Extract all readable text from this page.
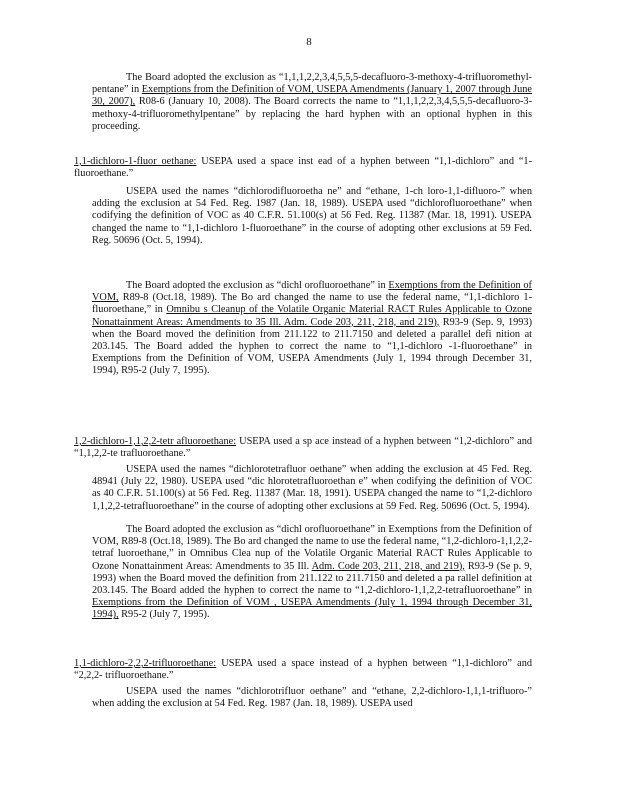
8
The Board adopted the exclusion as “1,1,1,2,2,3,4,5,5,5-decafluoro-3-methoxy-4-trifluoromethyl-pentane” in Exemptions from the Definition of VOM, USEPA Amendments (January 1, 2007 through June 30, 2007), R08-6 (January 10, 2008). The Board corrects the name to “1,1,1,2,2,3,4,5,5,5-decafluoro-3-methoxy-4-trifluoromethylpentane” by replacing the hard hyphen with an optional hyphen in this proceeding.
1,1-dichloro-1-fluor oethane: USEPA used a space inst ead of a hyphen between “1,1-dichloro” and “1-fluoroethane.”
USEPA used the names “dichlorodifluoroetha ne” and “ethane, 1-ch loro-1,1-difluoro-” when adding the exclusion at 54 Fed. Reg. 1987 (Jan. 18, 1989). USEPA used “dichlorofluoroethane” when codifying the definition of VOC as 40 C.F.R. 51.100(s) at 56 Fed. Reg. 11387 (Mar. 18, 1991). USEPA changed the name to “1,1-dichloro 1-fluoroethane” in the course of adopting other exclusions at 59 Fed. Reg. 50696 (Oct. 5, 1994).
The Board adopted the exclusion as “dichl orofluoroethane” in Exemptions from the Definition of VOM, R89-8 (Oct.18, 1989). The Bo ard changed the name to use the federal name, “1,1-dichloro 1-fluoroethane,” in Omnibu s Cleanup of the Volatile Organic Material RACT Rules Applicable to Ozone Nonattainment Areas: Amendments to 35 Ill. Adm. Code 203, 211, 218, and 219), R93-9 (Sep. 9, 1993) when the Board moved the definition from 211.122 to 211.7150 and deleted a parallel defi nition at 203.145. The Board added the hyphen to correct the name to “1,1-dichloro -1-fluoroethane” in Exemptions from the Definition of VOM, USEPA Amendments (July 1, 1994 through December 31, 1994), R95-2 (July 7, 1995).
1,2-dichloro-1,1,2,2-tetr afluoroethane: USEPA used a sp ace instead of a hyphen between “1,2-dichloro” and “1,1,2,2-te trafluoroethane.”
USEPA used the names “dichlorotetrafluor oethane” when adding the exclusion at 45 Fed. Reg. 48941 (July 22, 1980). USEPA used “dic hlorotetrafluoroethan e” when codifying the definition of VOC as 40 C.F.R. 51.100(s) at 56 Fed. Reg. 11387 (Mar. 18, 1991). USEPA changed the name to “1,2-dichloro 1,1,2,2-tetrafluoroethane” in the course of adopting other exclusions at 59 Fed. Reg. 50696 (Oct. 5, 1994).
The Board adopted the exclusion as “dichl orofluoroethane” in Exemptions from the Definition of VOM, R89-8 (Oct.18, 1989). The Bo ard changed the name to use the federal name, “1,2-dichloro-1,1,2,2-tetraf luoroethane,” in Omnibus Clea nup of the Volatile Organic Material RACT Rules Applicable to Ozone Nonattainment Areas: Amendments to 35 Ill. Adm. Code 203, 211, 218, and 219), R93-9 (Se p. 9, 1993) when the Board moved the definition from 211.122 to 211.7150 and deleted a pa rallel definition at 203.145. The Board added the hyphen to correct the name to “1,2-dichloro-1,1,2,2-tetrafluoroethane” in Exemptions from the Definition of VOM , USEPA Amendments (July 1, 1994 through December 31, 1994), R95-2 (July 7, 1995).
1,1-dichloro-2,2,2-trifluoroethane: USEPA used a space instead of a hyphen between “1,1-dichloro” and “2,2,2- trifluoroethane.”
USEPA used the names “dichlorotrifluor oethane” and “ethane, 2,2-dichloro-1,1,1-trifluoro-” when adding the exclusion at 54 Fed. Reg. 1987 (Jan. 18, 1989). USEPA used
